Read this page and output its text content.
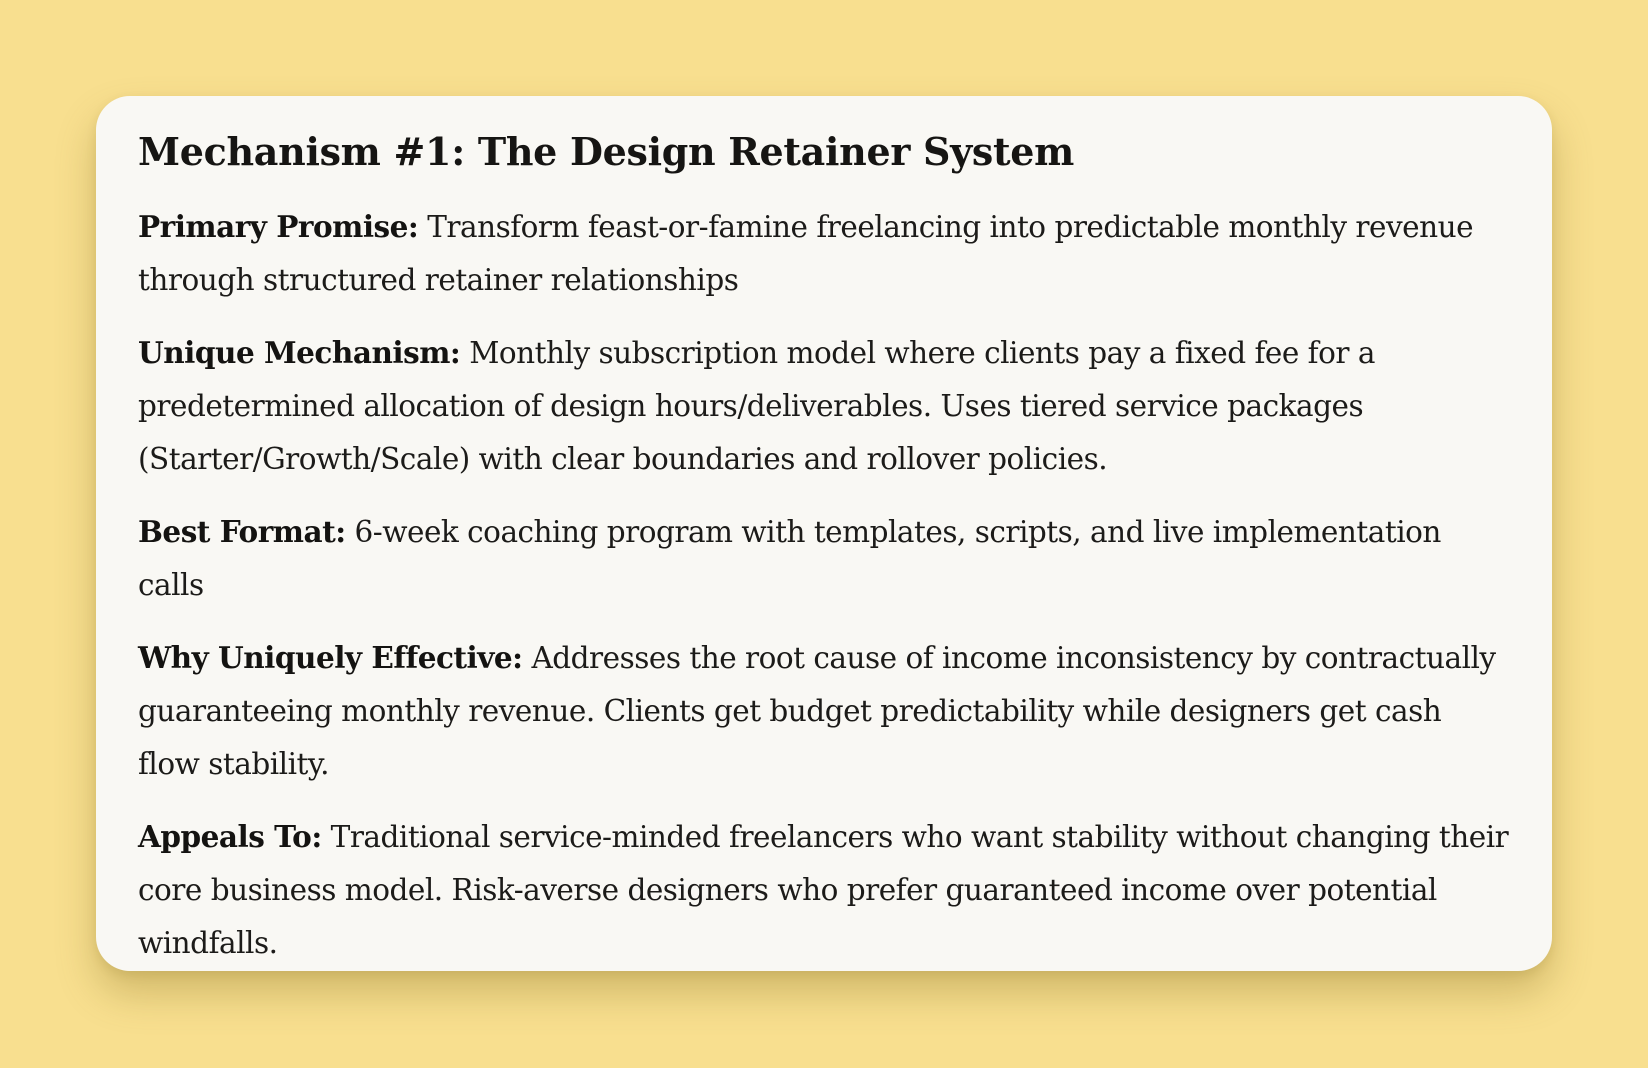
Mechanism #1: The Design Retainer System

Primary Promise: Transform feast-or-famine freelancing into predictable monthly revenue through structured retainer relationships

Unique Mechanism: Monthly subscription model where clients pay a fixed fee for a predetermined allocation of design hours/deliverables. Uses tiered service packages (Starter/Growth/Scale) with clear boundaries and rollover policies.

Best Format: 6-week coaching program with templates, scripts, and live implementation calls

Why Uniquely Effective: Addresses the root cause of income inconsistency by contractually guaranteeing monthly revenue. Clients get budget predictability while designers get cash flow stability.

Appeals To: Traditional service-minded freelancers who want stability without changing their core business model. Risk-averse designers who prefer guaranteed income over potential windfalls.
